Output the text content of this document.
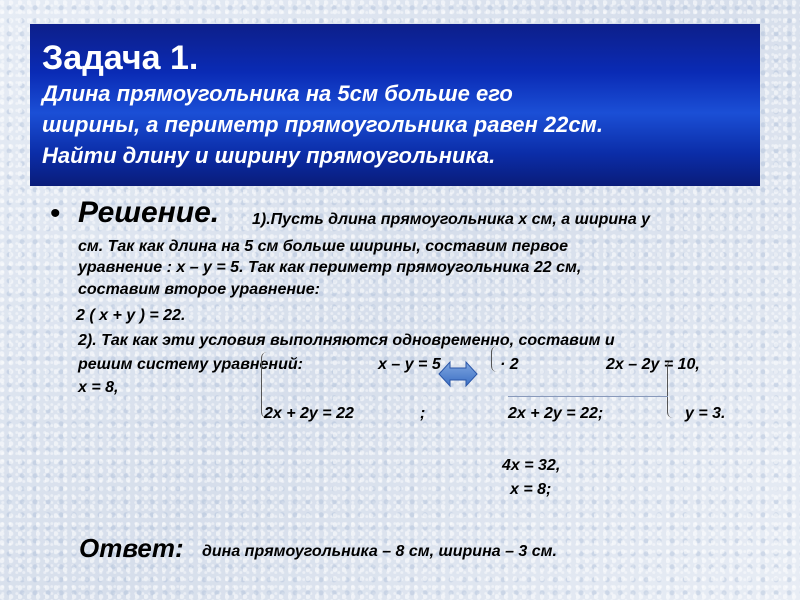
Задача 1.
Длина прямоугольника на 5см больше его
ширины, а периметр прямоугольника равен 22см.
Найти длину и ширину прямоугольника.
• Решение. 1).Пусть длина прямоугольника х см, а ширина у
см. Так как длина на 5 см больше ширины, составим первое
уравнение : х – у = 5. Так как периметр прямоугольника 22 см,
составим второе уравнение:
2 ( х + у ) = 22.
2). Так как эти условия выполняются одновременно, составим и
решим систему уравнений:	х – у = 5	· 2	2х – 2у = 10,
х = 8,
2х + 2у = 22	;	2х + 2у = 22;	у = 3.
4х = 32,
х = 8;
Ответ: дина прямоугольника – 8 см, ширина – 3 см.
